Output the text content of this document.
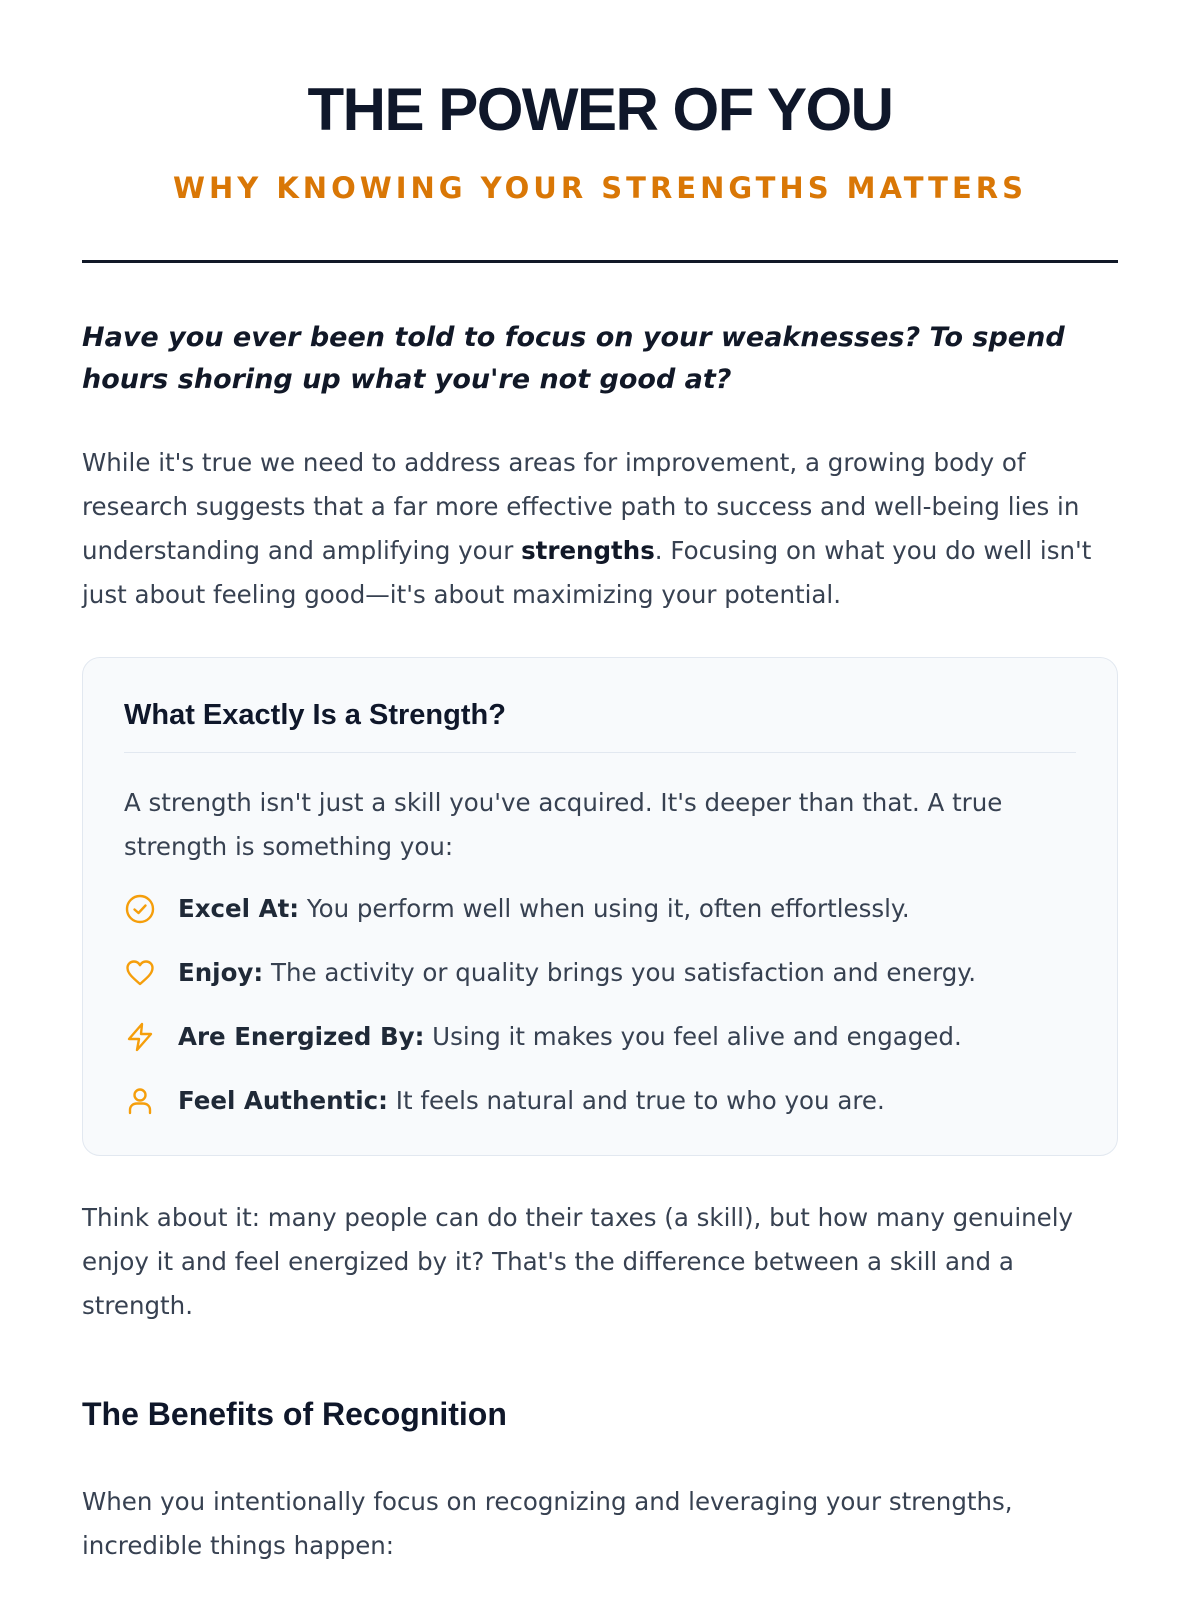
THE POWER OF YOU
WHY KNOWING YOUR STRENGTHS MATTERS

Have you ever been told to focus on your weaknesses? To spend hours shoring up what you're not good at?

While it's true we need to address areas for improvement, a growing body of research suggests that a far more effective path to success and well-being lies in understanding and amplifying your strengths. Focusing on what you do well isn't just about feeling good—it's about maximizing your potential.

What Exactly Is a Strength?

A strength isn't just a skill you've acquired. It's deeper than that. A true strength is something you:

Excel At: You perform well when using it, often effortlessly.
Enjoy: The activity or quality brings you satisfaction and energy.
Are Energized By: Using it makes you feel alive and engaged.
Feel Authentic: It feels natural and true to who you are.

Think about it: many people can do their taxes (a skill), but how many genuinely enjoy it and feel energized by it? That's the difference between a skill and a strength.

The Benefits of Recognition

When you intentionally focus on recognizing and leveraging your strengths, incredible things happen:
